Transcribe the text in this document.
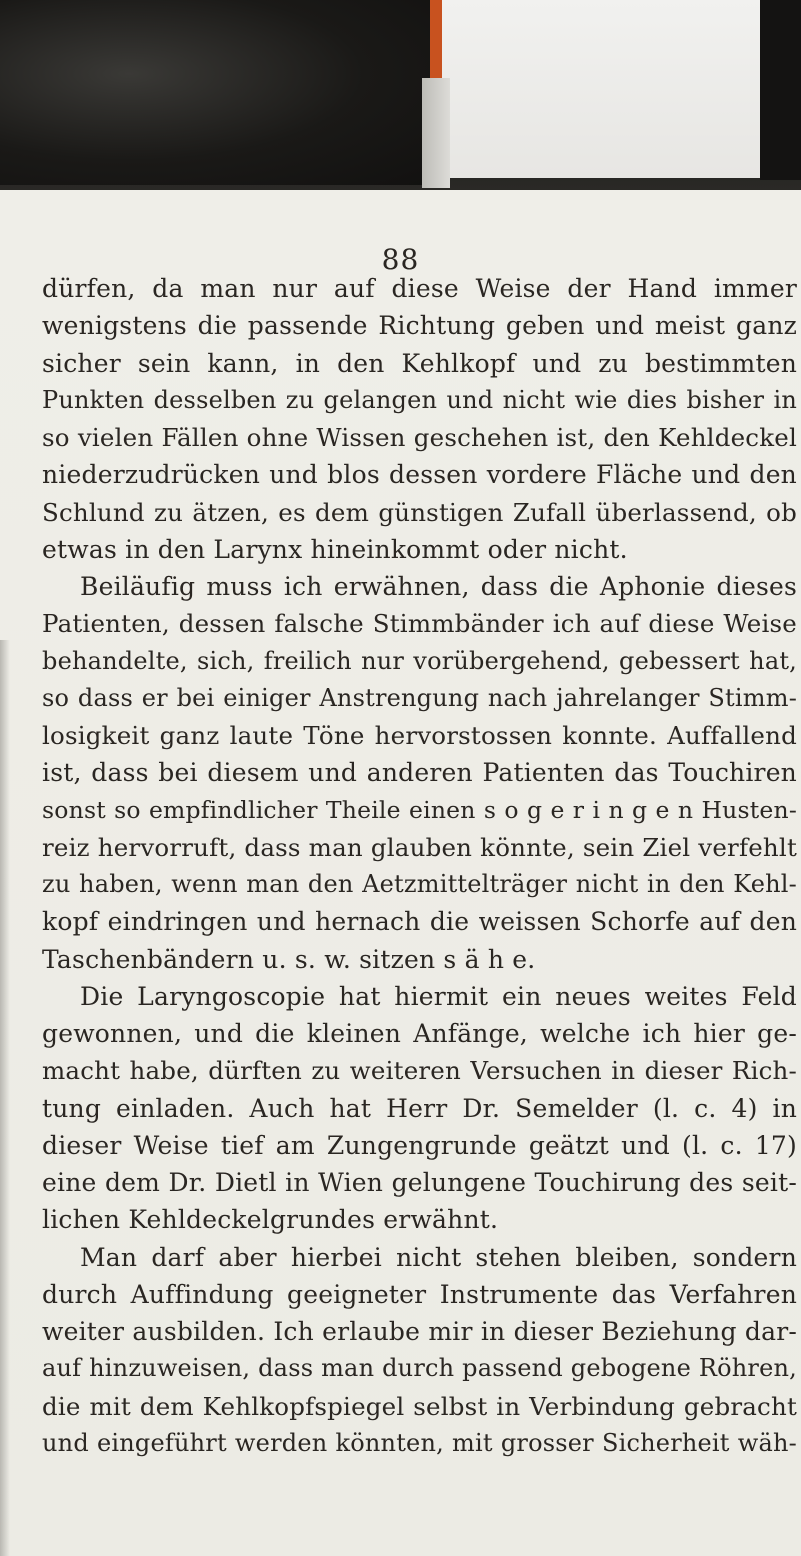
88
dürfen, da man nur auf diese Weise der Hand immer
wenigstens die passende Richtung geben und meist ganz
sicher sein kann, in den Kehlkopf und zu bestimmten
Punkten desselben zu gelangen und nicht wie dies bisher in
so vielen Fällen ohne Wissen geschehen ist, den Kehldeckel
niederzudrücken und blos dessen vordere Fläche und den
Schlund zu ätzen, es dem günstigen Zufall überlassend, ob
etwas in den Larynx hineinkommt oder nicht.
Beiläufig muss ich erwähnen, dass die Aphonie dieses
Patienten, dessen falsche Stimmbänder ich auf diese Weise
behandelte, sich, freilich nur vorübergehend, gebessert hat,
so dass er bei einiger Anstrengung nach jahrelanger Stimm-
losigkeit ganz laute Töne hervorstossen konnte. Auffallend
ist, dass bei diesem und anderen Patienten das Touchiren
sonst so empfindlicher Theile einen s o g e r i n g e n Husten-
reiz hervorruft, dass man glauben könnte, sein Ziel verfehlt
zu haben, wenn man den Aetzmittelträger nicht in den Kehl-
kopf eindringen und hernach die weissen Schorfe auf den
Taschenbändern u. s. w. sitzen s ä h e.
Die Laryngoscopie hat hiermit ein neues weites Feld
gewonnen, und die kleinen Anfänge, welche ich hier ge-
macht habe, dürften zu weiteren Versuchen in dieser Rich-
tung einladen. Auch hat Herr Dr. Semelder (l. c. 4) in
dieser Weise tief am Zungengrunde geätzt und (l. c. 17)
eine dem Dr. Dietl in Wien gelungene Touchirung des seit-
lichen Kehldeckelgrundes erwähnt.
Man darf aber hierbei nicht stehen bleiben, sondern
durch Auffindung geeigneter Instrumente das Verfahren
weiter ausbilden. Ich erlaube mir in dieser Beziehung dar-
auf hinzuweisen, dass man durch passend gebogene Röhren,
die mit dem Kehlkopfspiegel selbst in Verbindung gebracht
und eingeführt werden könnten, mit grosser Sicherheit wäh-
